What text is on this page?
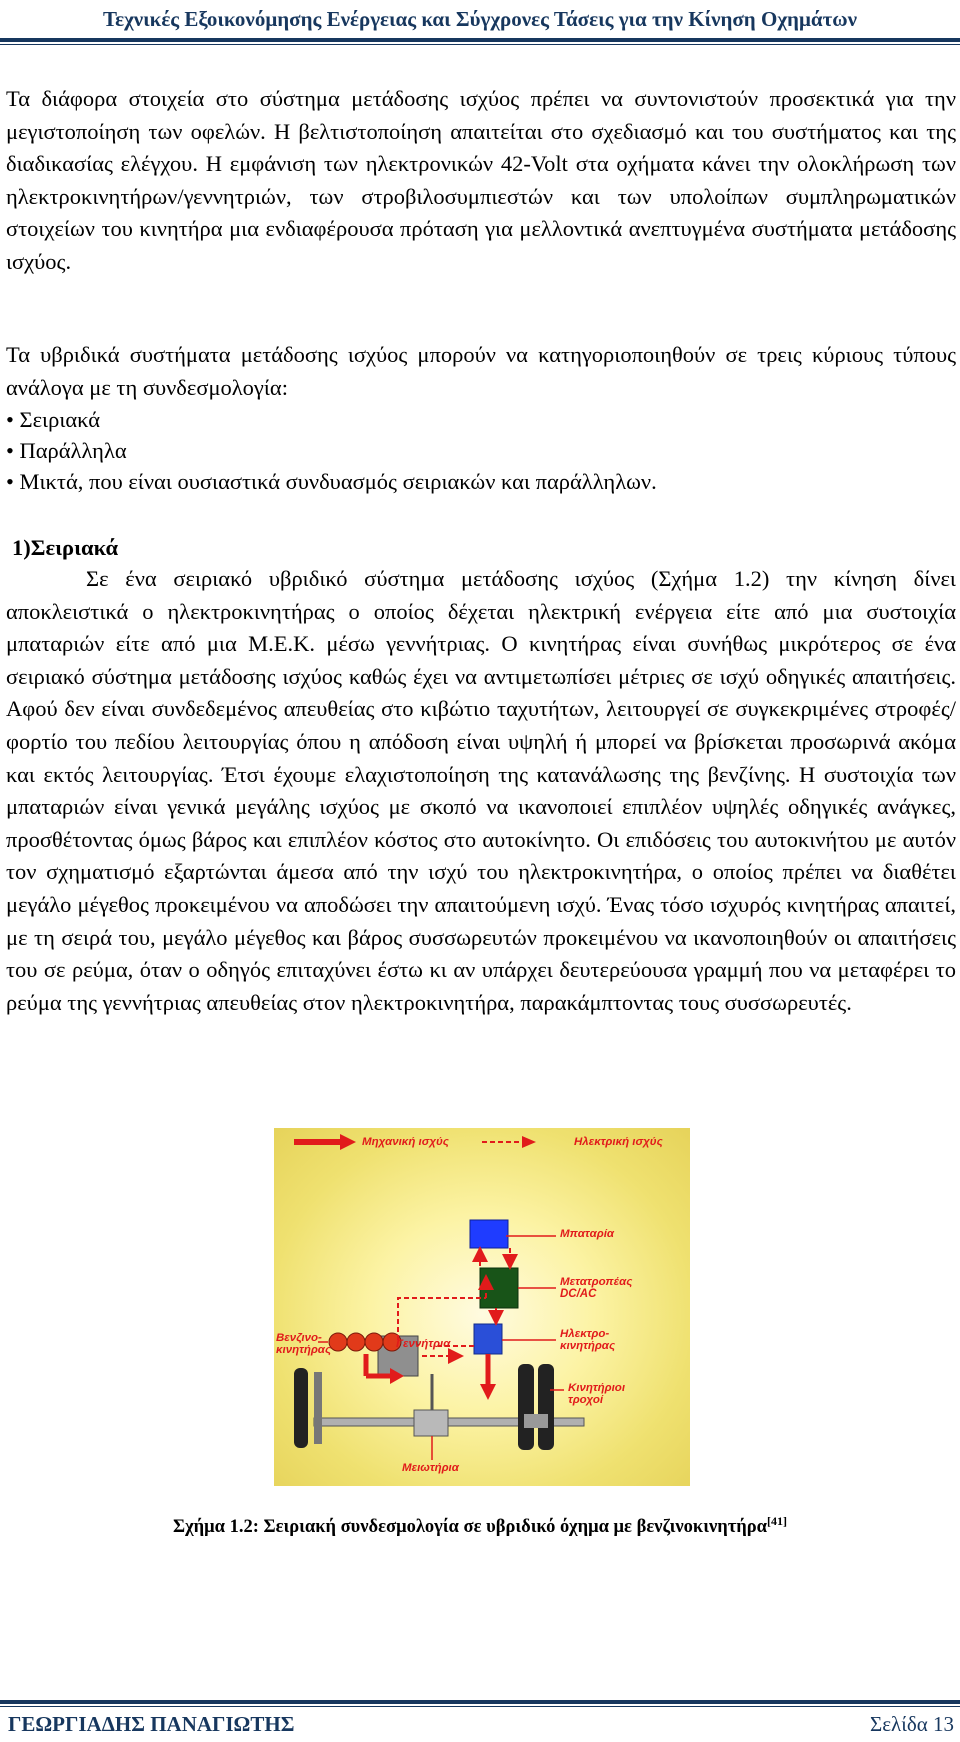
Τεχνικές Εξοικονόμησης Ενέργειας και Σύγχρονες Τάσεις για την Κίνηση Οχημάτων

Τα διάφορα στοιχεία στο σύστημα μετάδοσης ισχύος πρέπει να συντονιστούν προσεκτικά για την μεγιστοποίηση των οφελών. Η βελτιστοποίηση απαιτείται στο σχεδιασμό και του συστήματος και της διαδικασίας ελέγχου. Η εμφάνιση των ηλεκτρονικών 42-Volt στα οχήματα κάνει την ολοκλήρωση των ηλεκτροκινητήρων/γεννητριών, των στροβιλοσυμπιεστών και των υπολοίπων συμπληρωματικών στοιχείων του κινητήρα μια ενδιαφέρουσα πρόταση για μελλοντικά ανεπτυγμένα συστήματα μετάδοσης ισχύος.

Τα υβριδικά συστήματα μετάδοσης ισχύος μπορούν να κατηγοριοποιηθούν σε τρεις κύριους τύπους ανάλογα με τη συνδεσμολογία:

• Σειριακά
• Παράλληλα
• Μικτά, που είναι ουσιαστικά συνδυασμός σειριακών και παράλληλων.
1)Σειριακά

Σε ένα σειριακό υβριδικό σύστημα μετάδοσης ισχύος (Σχήμα 1.2) την κίνηση δίνει αποκλειστικά ο ηλεκτροκινητήρας ο οποίος δέχεται ηλεκτρική ενέργεια είτε από μια συστοιχία μπαταριών είτε από μια Μ.Ε.Κ. μέσω γεννήτριας. Ο κινητήρας είναι συνήθως μικρότερος σε ένα σειριακό σύστημα μετάδοσης ισχύος καθώς έχει να αντιμετωπίσει μέτριες σε ισχύ οδηγικές απαιτήσεις. Αφού δεν είναι συνδεδεμένος απευθείας στο κιβώτιο ταχυτήτων, λειτουργεί σε συγκεκριμένες στροφές/φορτίο του πεδίου λειτουργίας όπου η απόδοση είναι υψηλή ή μπορεί να βρίσκεται προσωρινά ακόμα και εκτός λειτουργίας. Έτσι έχουμε ελαχιστοποίηση της κατανάλωσης της βενζίνης. Η συστοιχία των μπαταριών είναι γενικά μεγάλης ισχύος με σκοπό να ικανοποιεί επιπλέον υψηλές οδηγικές ανάγκες, προσθέτοντας όμως βάρος και επιπλέον κόστος στο αυτοκίνητο. Οι επιδόσεις του αυτοκινήτου με αυτόν τον σχηματισμό εξαρτώνται άμεσα από την ισχύ του ηλεκτροκινητήρα, ο οποίος πρέπει να διαθέτει μεγάλο μέγεθος προκειμένου να αποδώσει την απαιτούμενη ισχύ. Ένας τόσο ισχυρός κινητήρας απαιτεί, με τη σειρά του, μεγάλο μέγεθος και βάρος συσσωρευτών προκειμένου να ικανοποιηθούν οι απαιτήσεις του σε ρεύμα, όταν ο οδηγός επιταχύνει έστω κι αν υπάρχει δευτερεύουσα γραμμή που να μεταφέρει το ρεύμα της γεννήτριας απευθείας στον ηλεκτροκινητήρα, παρακάμπτοντας τους συσσωρευτές.

Μηχανική ισχύς	Ηλεκτρική ισχύς
Μπαταρία
Μετατροπέας
DC/AC
Βενζινο-
κινητήρας	Γεννήτρια
Ηλεκτρο-
κινητήρας
Κινητήριοι
τροχοί
Μειωτήρια
Σχήμα 1.2: Σειριακή συνδεσμολογία σε υβριδικό όχημα με βενζινοκινητήρα[41]
ΓΕΩΡΓΙΑΔΗΣ ΠΑΝΑΓΙΩΤΗΣ	Σελίδα 13
